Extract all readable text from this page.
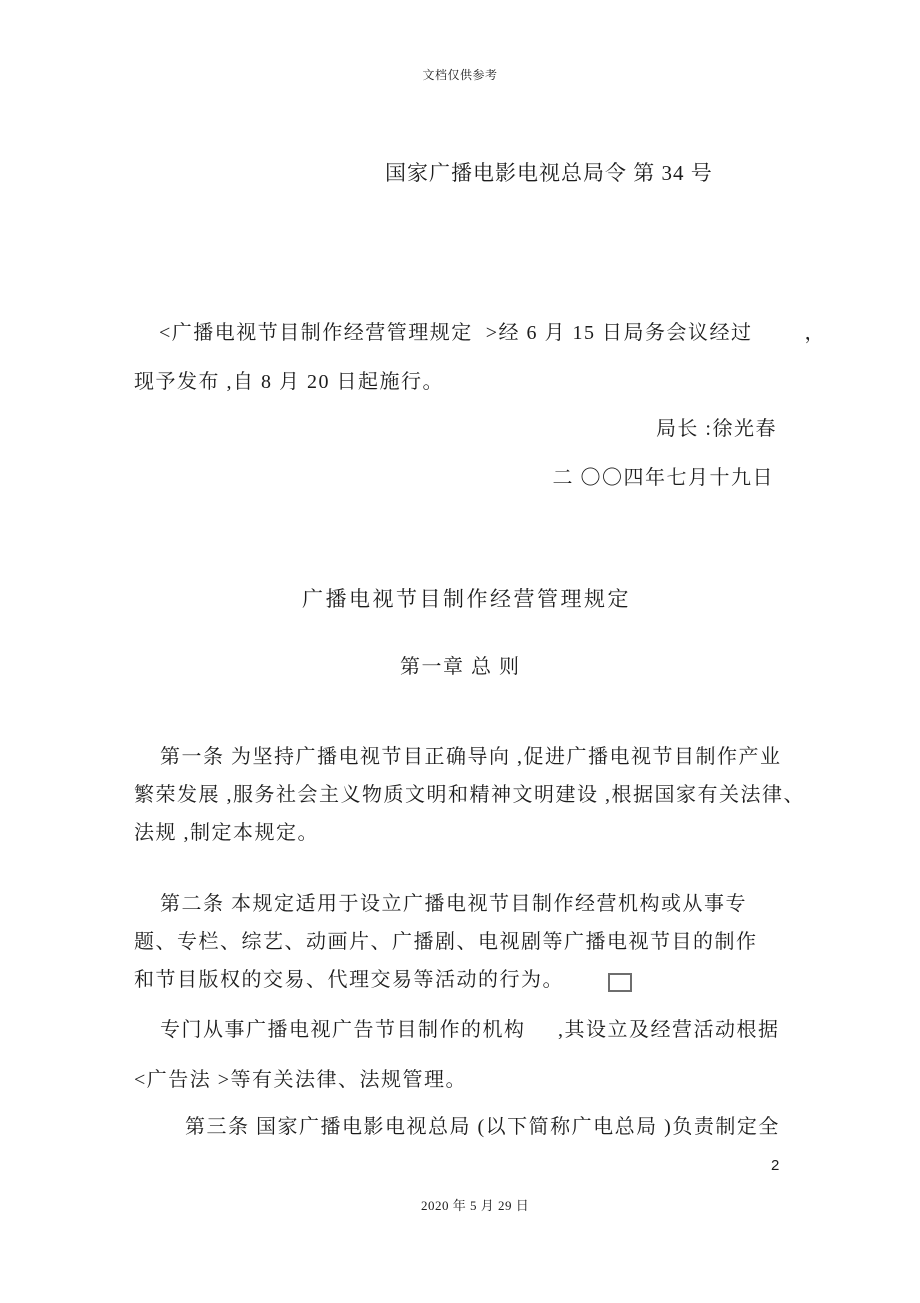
文档仅供参考
国家广播电影电视总局令 第 34 号
<广播电视节目制作经营管理规定  >经 6 月 15 日局务会议经过        ，
现予发布 ,自 8 月 20 日起施行。
局长 :徐光春
二 〇〇四年七月十九日
广播电视节目制作经营管理规定
第一章 总 则
第一条 为坚持广播电视节目正确导向 ,促进广播电视节目制作产业
繁荣发展 ,服务社会主义物质文明和精神文明建设 ,根据国家有关法律、
法规 ,制定本规定。
第二条 本规定适用于设立广播电视节目制作经营机构或从事专
题、专栏、综艺、动画片、广播剧、电视剧等广播电视节目的制作
和节目版权的交易、代理交易等活动的行为。
专门从事广播电视广告节目制作的机构     ,其设立及经营活动根据
<广告法 >等有关法律、法规管理。
第三条 国家广播电影电视总局 (以下简称广电总局 )负责制定全
2
2020 年 5 月 29 日
